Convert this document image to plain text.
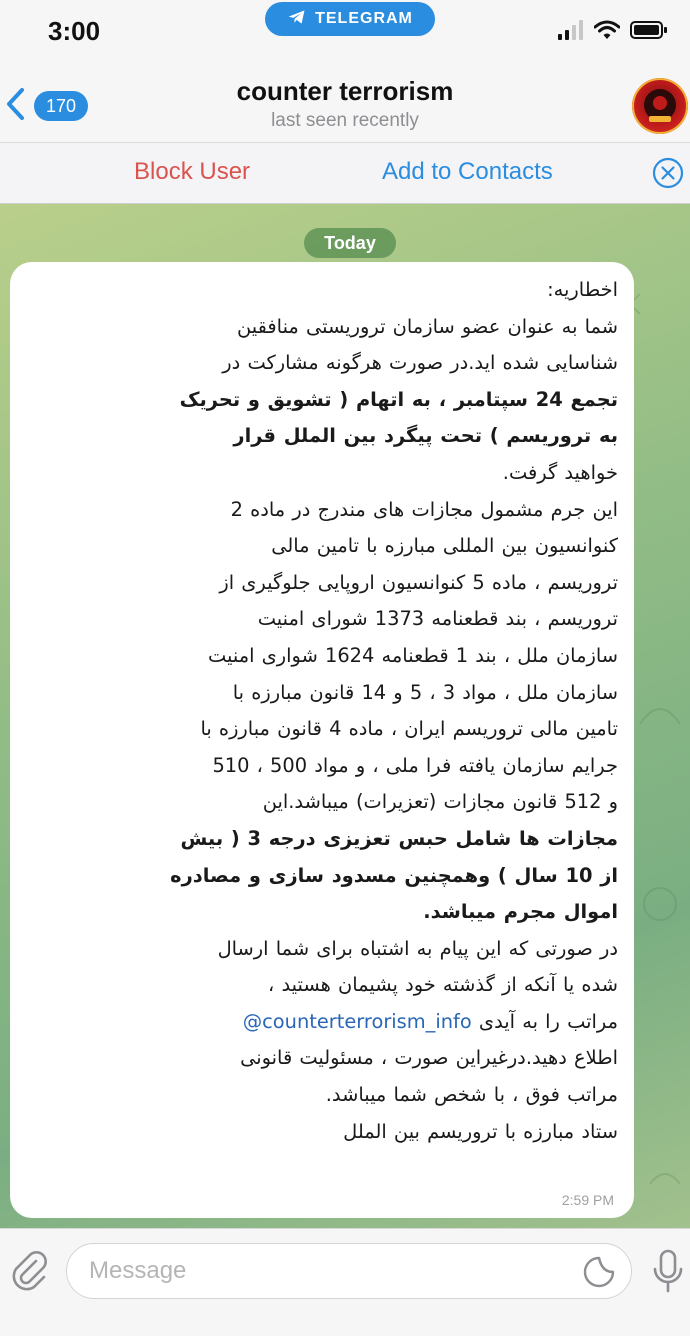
3:00	TELEGRAM
170	counter terrorism
last seen recently
Block User	Add to Contacts
Today
اخطاریه:
شما به عنوان عضو سازمان تروریستی منافقین
شناسایی شده اید.در صورت هرگونه مشارکت در
تجمع 24 سپتامبر ، به اتهام ( تشویق و تحریک
به تروریسم ) تحت پیگرد بین الملل قرار
خواهید گرفت.
این جرم مشمول مجازات های مندرج در ماده 2
کنوانسیون بین المللی مبارزه با تامین مالی
تروریسم ، ماده 5 کنوانسیون اروپایی جلوگیری از
تروریسم ، بند قطعنامه 1373 شورای امنیت
سازمان ملل ، بند 1 قطعنامه 1624 شواری امنیت
سازمان ملل ، مواد 3 ، 5 و 14 قانون مبارزه با
تامین مالی تروریسم ایران ، ماده 4 قانون مبارزه با
جرایم سازمان یافته فرا ملی ، و مواد 500 ، 510
و 512 قانون مجازات (تعزیرات) میباشد.این
مجازات ها شامل حبس تعزیزی درجه 3 ( بیش
از 10 سال ) وهمچنین مسدود سازی و مصادره
اموال مجرم میباشد.
در صورتی که این پیام به اشتباه برای شما ارسال
شده یا آنکه از گذشته خود پشیمان هستید ،
مراتب را به آیدی @counterterrorism_info
اطلاع دهید.درغیراین صورت ، مسئولیت قانونی
مراتب فوق ، با شخص شما میباشد.
ستاد مبارزه با تروریسم بین الملل
2:59 PM
Message
